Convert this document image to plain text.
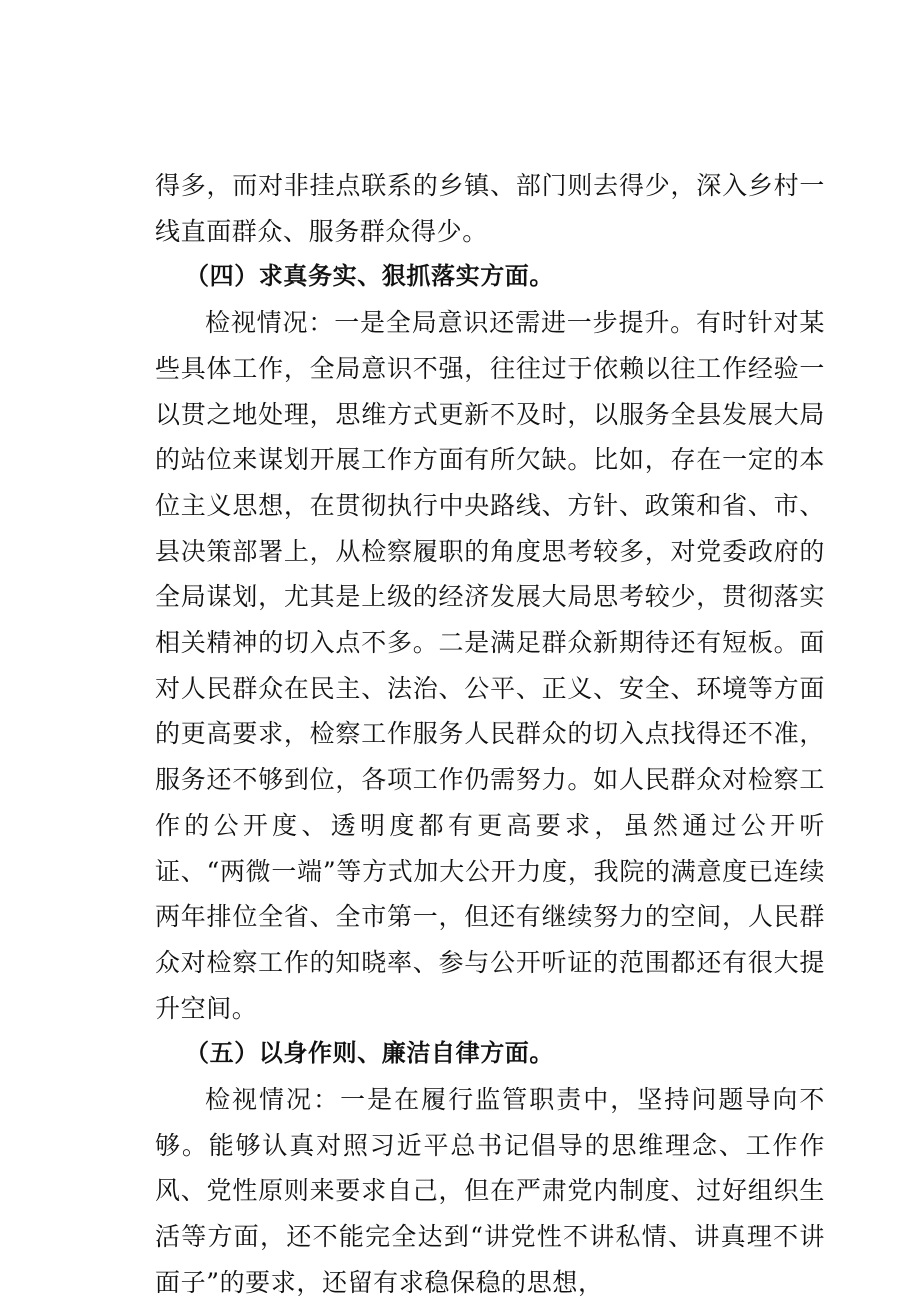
得多，而对非挂点联系的乡镇、部门则去得少，深入乡村一线直面群众、服务群众得少。

（四）求真务实、狠抓落实方面。

检视情况：一是全局意识还需进一步提升。有时针对某些具体工作，全局意识不强，往往过于依赖以往工作经验一以贯之地处理，思维方式更新不及时，以服务全县发展大局的站位来谋划开展工作方面有所欠缺。比如，存在一定的本位主义思想，在贯彻执行中央路线、方针、政策和省、市、县决策部署上，从检察履职的角度思考较多，对党委政府的全局谋划，尤其是上级的经济发展大局思考较少，贯彻落实相关精神的切入点不多。二是满足群众新期待还有短板。面对人民群众在民主、法治、公平、正义、安全、环境等方面的更高要求，检察工作服务人民群众的切入点找得还不准，服务还不够到位，各项工作仍需努力。如人民群众对检察工作的公开度、透明度都有更高要求，虽然通过公开听证、“两微一端”等方式加大公开力度，我院的满意度已连续两年排位全省、全市第一，但还有继续努力的空间，人民群众对检察工作的知晓率、参与公开听证的范围都还有很大提升空间。

（五）以身作则、廉洁自律方面。

检视情况：一是在履行监管职责中，坚持问题导向不够。能够认真对照习近平总书记倡导的思维理念、工作作风、党性原则来要求自己，但在严肃党内制度、过好组织生活等方面，还不能完全达到“讲党性不讲私情、讲真理不讲面子”的要求，还留有求稳保稳的思想，
